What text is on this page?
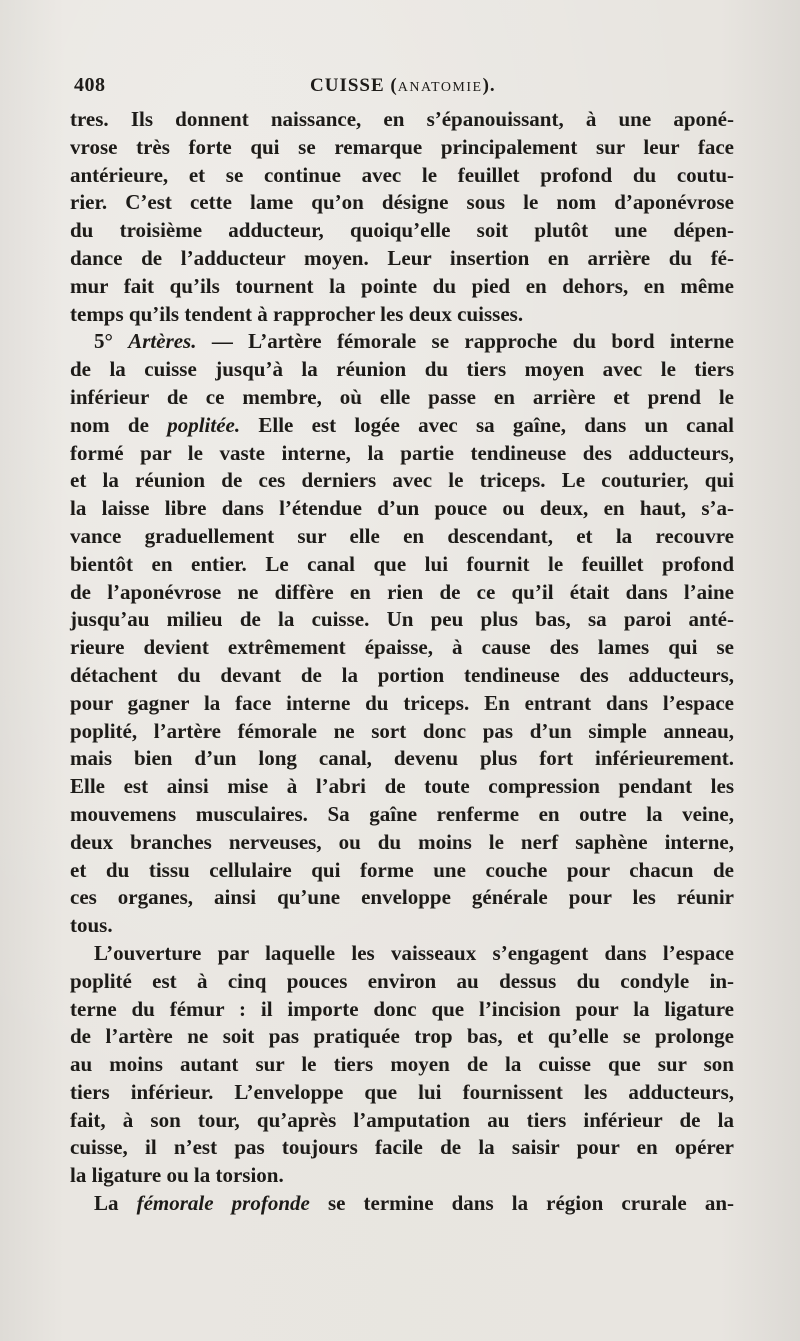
408	CUISSE (ANATOMIE).
tres. Ils donnent naissance, en s’épanouissant, à une aponé-
vrose très forte qui se remarque principalement sur leur face
antérieure, et se continue avec le feuillet profond du coutu-
rier. C’est cette lame qu’on désigne sous le nom d’aponévrose
du troisième adducteur, quoiqu’elle soit plutôt une dépen-
dance de l’adducteur moyen. Leur insertion en arrière du fé-
mur fait qu’ils tournent la pointe du pied en dehors, en même
temps qu’ils tendent à rapprocher les deux cuisses.
5° Artères. — L’artère fémorale se rapproche du bord interne
de la cuisse jusqu’à la réunion du tiers moyen avec le tiers
inférieur de ce membre, où elle passe en arrière et prend le
nom de poplitée. Elle est logée avec sa gaîne, dans un canal
formé par le vaste interne, la partie tendineuse des adducteurs,
et la réunion de ces derniers avec le triceps. Le couturier, qui
la laisse libre dans l’étendue d’un pouce ou deux, en haut, s’a-
vance graduellement sur elle en descendant, et la recouvre
bientôt en entier. Le canal que lui fournit le feuillet profond
de l’aponévrose ne diffère en rien de ce qu’il était dans l’aine
jusqu’au milieu de la cuisse. Un peu plus bas, sa paroi anté-
rieure devient extrêmement épaisse, à cause des lames qui se
détachent du devant de la portion tendineuse des adducteurs,
pour gagner la face interne du triceps. En entrant dans l’espace
poplité, l’artère fémorale ne sort donc pas d’un simple anneau,
mais bien d’un long canal, devenu plus fort inférieurement.
Elle est ainsi mise à l’abri de toute compression pendant les
mouvemens musculaires. Sa gaîne renferme en outre la veine,
deux branches nerveuses, ou du moins le nerf saphène interne,
et du tissu cellulaire qui forme une couche pour chacun de
ces organes, ainsi qu’une enveloppe générale pour les réunir
tous.
L’ouverture par laquelle les vaisseaux s’engagent dans l’espace
poplité est à cinq pouces environ au dessus du condyle in-
terne du fémur : il importe donc que l’incision pour la ligature
de l’artère ne soit pas pratiquée trop bas, et qu’elle se prolonge
au moins autant sur le tiers moyen de la cuisse que sur son
tiers inférieur. L’enveloppe que lui fournissent les adducteurs,
fait, à son tour, qu’après l’amputation au tiers inférieur de la
cuisse, il n’est pas toujours facile de la saisir pour en opérer
la ligature ou la torsion.
La fémorale profonde se termine dans la région crurale an-
